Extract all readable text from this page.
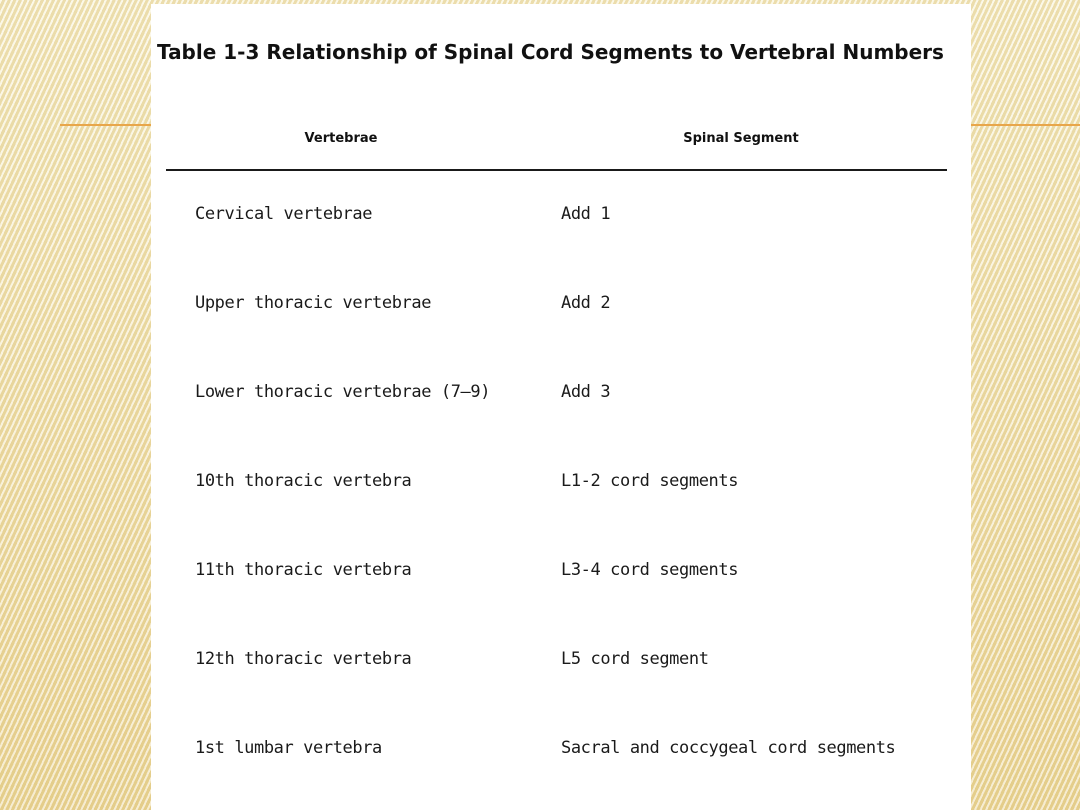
Table 1-3 Relationship of Spinal Cord Segments to Vertebral Numbers
Vertebrae	Spinal Segment
Cervical vertebrae	Add 1
Upper thoracic vertebrae	Add 2
Lower thoracic vertebrae (7–9)	Add 3
10th thoracic vertebra	L1-2 cord segments
11th thoracic vertebra	L3-4 cord segments
12th thoracic vertebra	L5 cord segment
1st lumbar vertebra	Sacral and coccygeal cord segments
